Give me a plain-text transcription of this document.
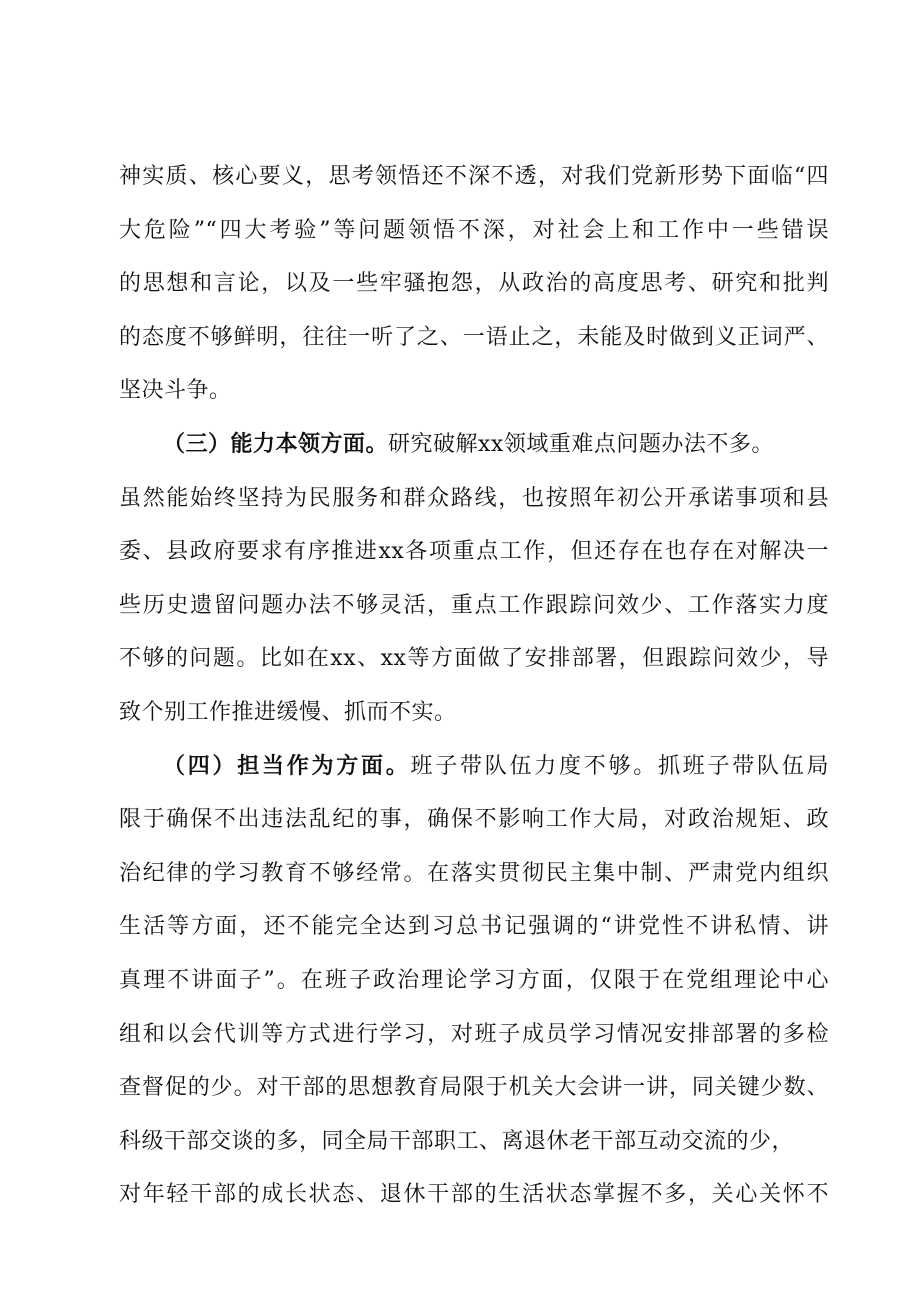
神实质、核心要义，思考领悟还不深不透，对我们党新形势下面临“四
大危险”“四大考验”等问题领悟不深，对社会上和工作中一些错误
的思想和言论，以及一些牢骚抱怨，从政治的高度思考、研究和批判
的态度不够鲜明，往往一听了之、一语止之，未能及时做到义正词严、
坚决斗争。
（三）能力本领方面。研究破解xx领域重难点问题办法不多。
虽然能始终坚持为民服务和群众路线，也按照年初公开承诺事项和县
委、县政府要求有序推进xx各项重点工作，但还存在也存在对解决一
些历史遗留问题办法不够灵活，重点工作跟踪问效少、工作落实力度
不够的问题。比如在xx、xx等方面做了安排部署，但跟踪问效少，导
致个别工作推进缓慢、抓而不实。
（四）担当作为方面。班子带队伍力度不够。抓班子带队伍局
限于确保不出违法乱纪的事，确保不影响工作大局，对政治规矩、政
治纪律的学习教育不够经常。在落实贯彻民主集中制、严肃党内组织
生活等方面，还不能完全达到习总书记强调的“讲党性不讲私情、讲
真理不讲面子”。在班子政治理论学习方面，仅限于在党组理论中心
组和以会代训等方式进行学习，对班子成员学习情况安排部署的多检
查督促的少。对干部的思想教育局限于机关大会讲一讲，同关键少数、
科级干部交谈的多，同全局干部职工、离退休老干部互动交流的少，
对年轻干部的成长状态、退休干部的生活状态掌握不多，关心关怀不
